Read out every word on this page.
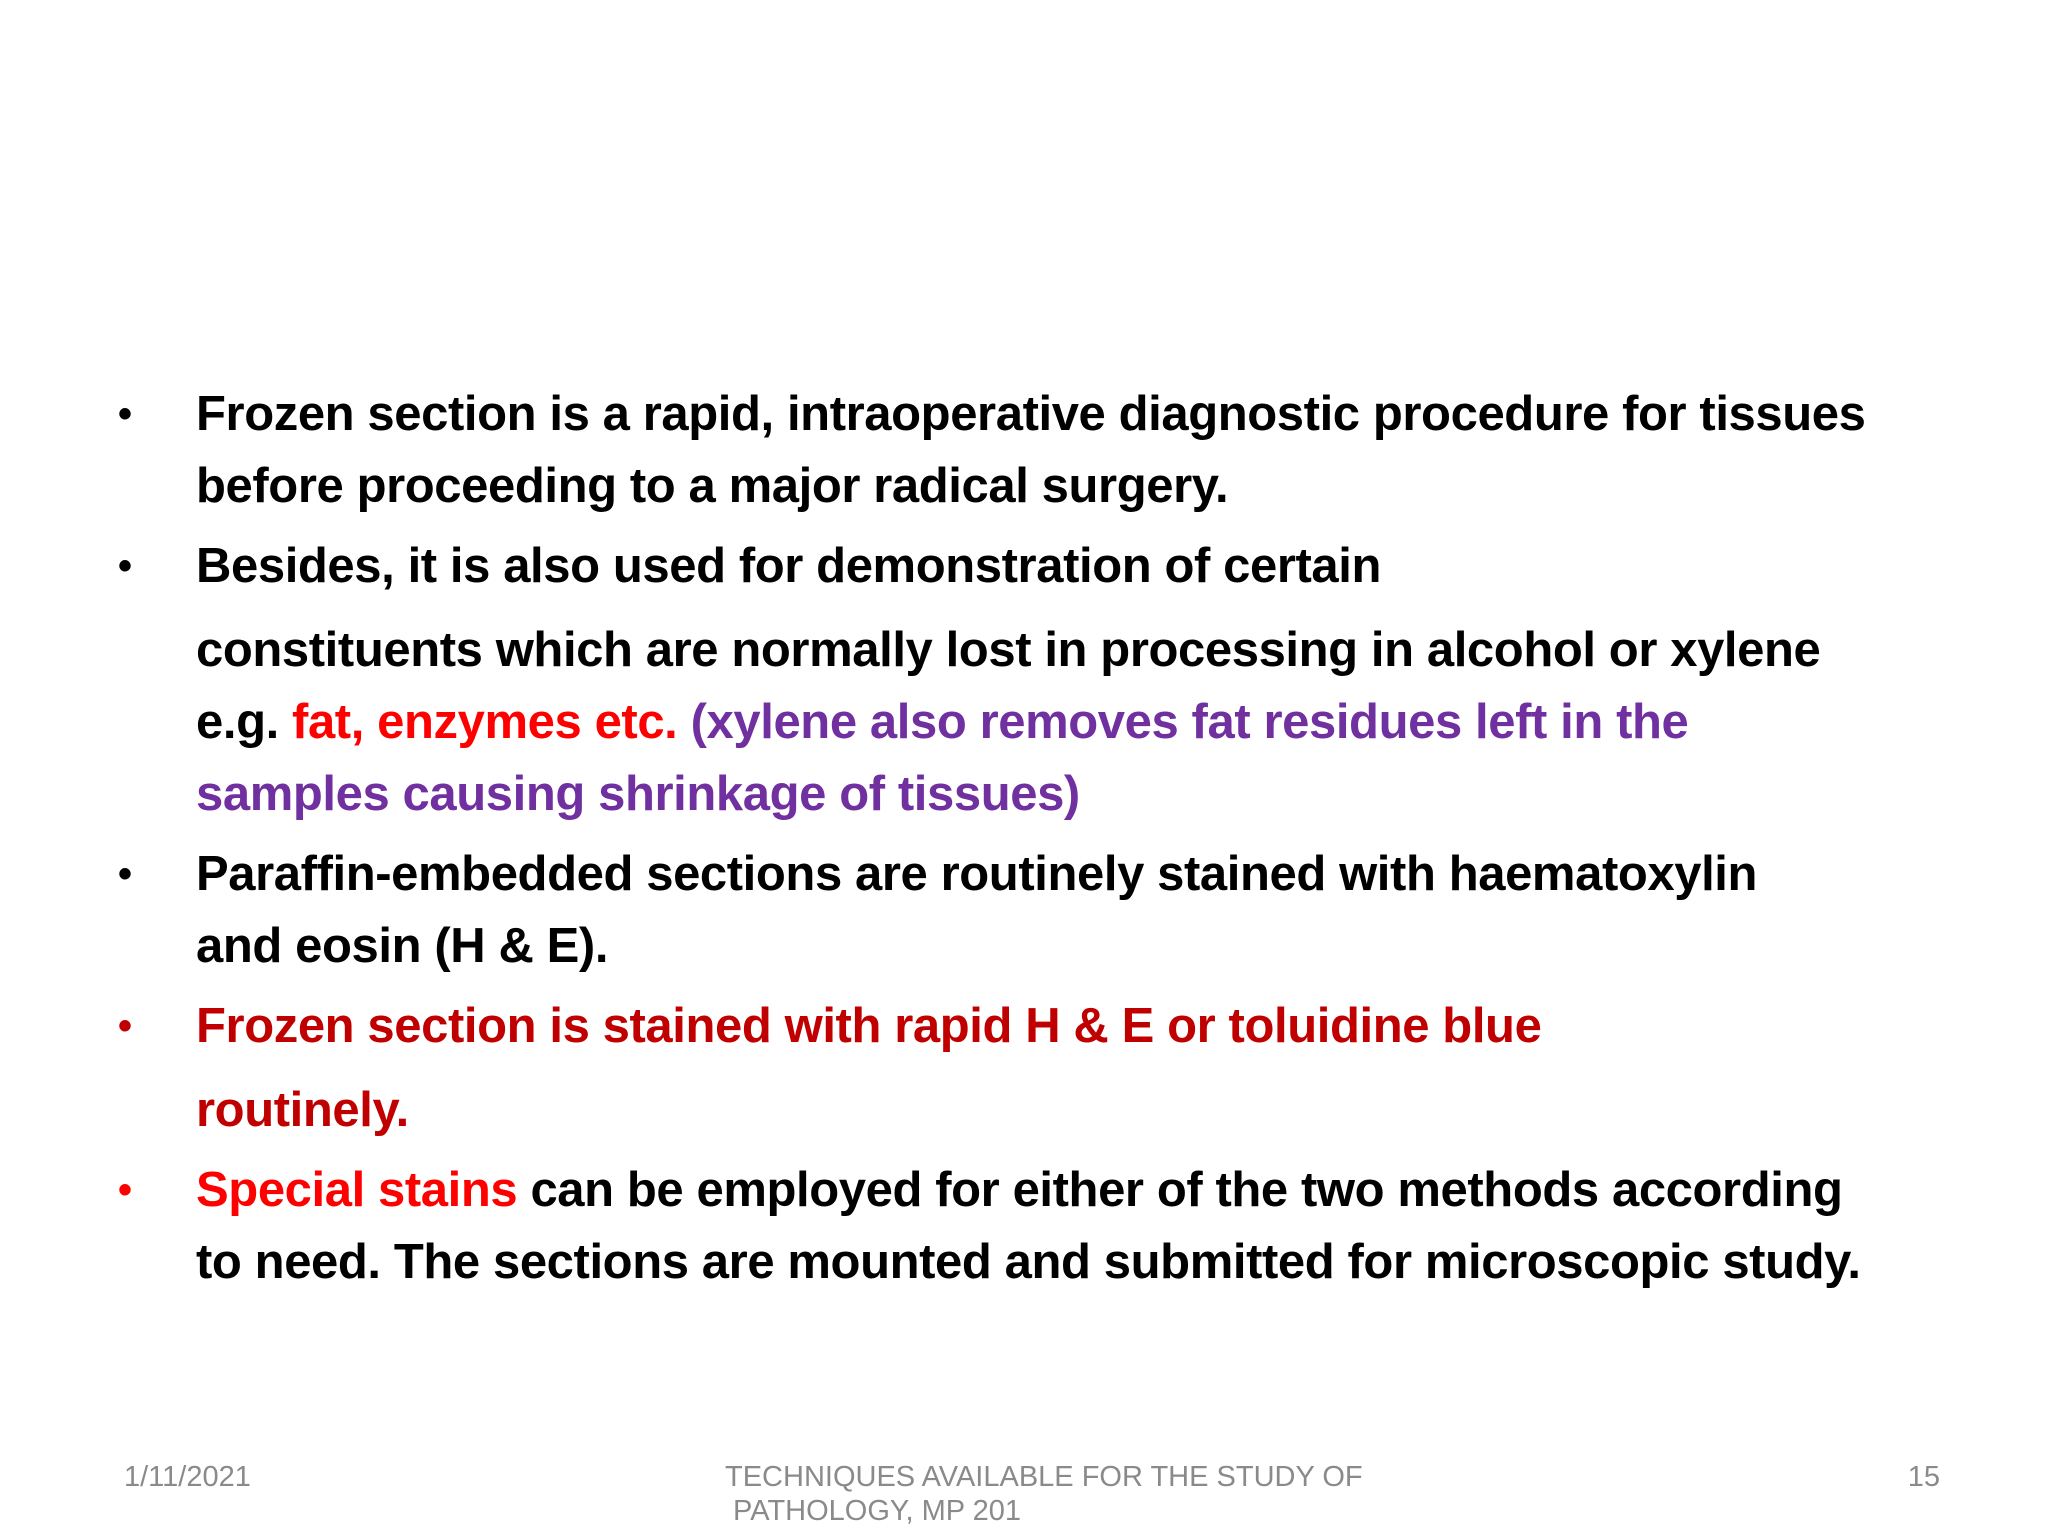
•	Frozen section is a rapid, intraoperative diagnostic procedure for tissues
before proceeding to a major radical surgery.
•	Besides, it is also used for demonstration of certain
constituents which are normally lost in processing in alcohol or xylene
e.g. fat, enzymes etc. (xylene also removes fat residues left in the
samples causing shrinkage of tissues)
•	Paraffin-embedded sections are routinely stained with haematoxylin
and eosin (H & E).
•	Frozen section is stained with rapid H & E or toluidine blue
routinely.
•	Special stains can be employed for either of the two methods according
to need. The sections are mounted and submitted for microscopic study.
1/11/2021	TECHNIQUES AVAILABLE FOR THE STUDY OF
PATHOLOGY, MP 201
15
